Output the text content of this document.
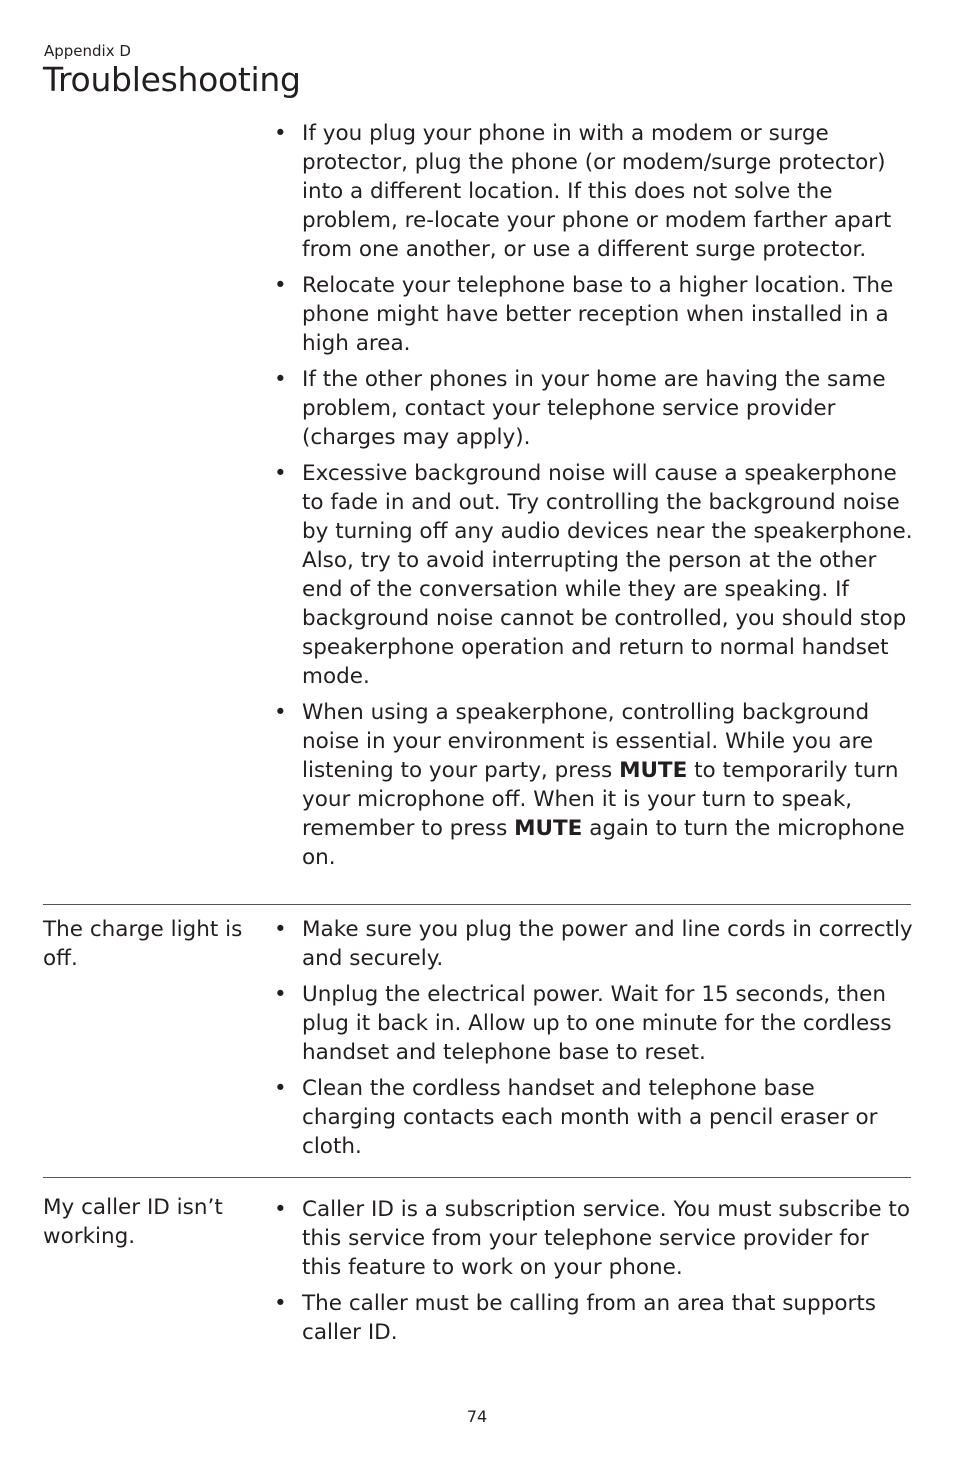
Appendix D
Troubleshooting
• If you plug your phone in with a modem or surge protector, plug the phone (or modem/surge protector) into a different location. If this does not solve the problem, re-locate your phone or modem farther apart from one another, or use a different surge protector.
• Relocate your telephone base to a higher location. The phone might have better reception when installed in a high area.
• If the other phones in your home are having the same problem, contact your telephone service provider (charges may apply).
• Excessive background noise will cause a speakerphone to fade in and out. Try controlling the background noise by turning off any audio devices near the speakerphone. Also, try to avoid interrupting the person at the other end of the conversation while they are speaking. If background noise cannot be controlled, you should stop speakerphone operation and return to normal handset mode.
• When using a speakerphone, controlling background noise in your environment is essential. While you are listening to your party, press MUTE to temporarily turn your microphone off. When it is your turn to speak, remember to press MUTE again to turn the microphone on.
The charge light is off.
• Make sure you plug the power and line cords in correctly and securely.
• Unplug the electrical power. Wait for 15 seconds, then plug it back in. Allow up to one minute for the cordless handset and telephone base to reset.
• Clean the cordless handset and telephone base charging contacts each month with a pencil eraser or cloth.
My caller ID isn’t working.
• Caller ID is a subscription service. You must subscribe to this service from your telephone service provider for this feature to work on your phone.
• The caller must be calling from an area that supports caller ID.
74
